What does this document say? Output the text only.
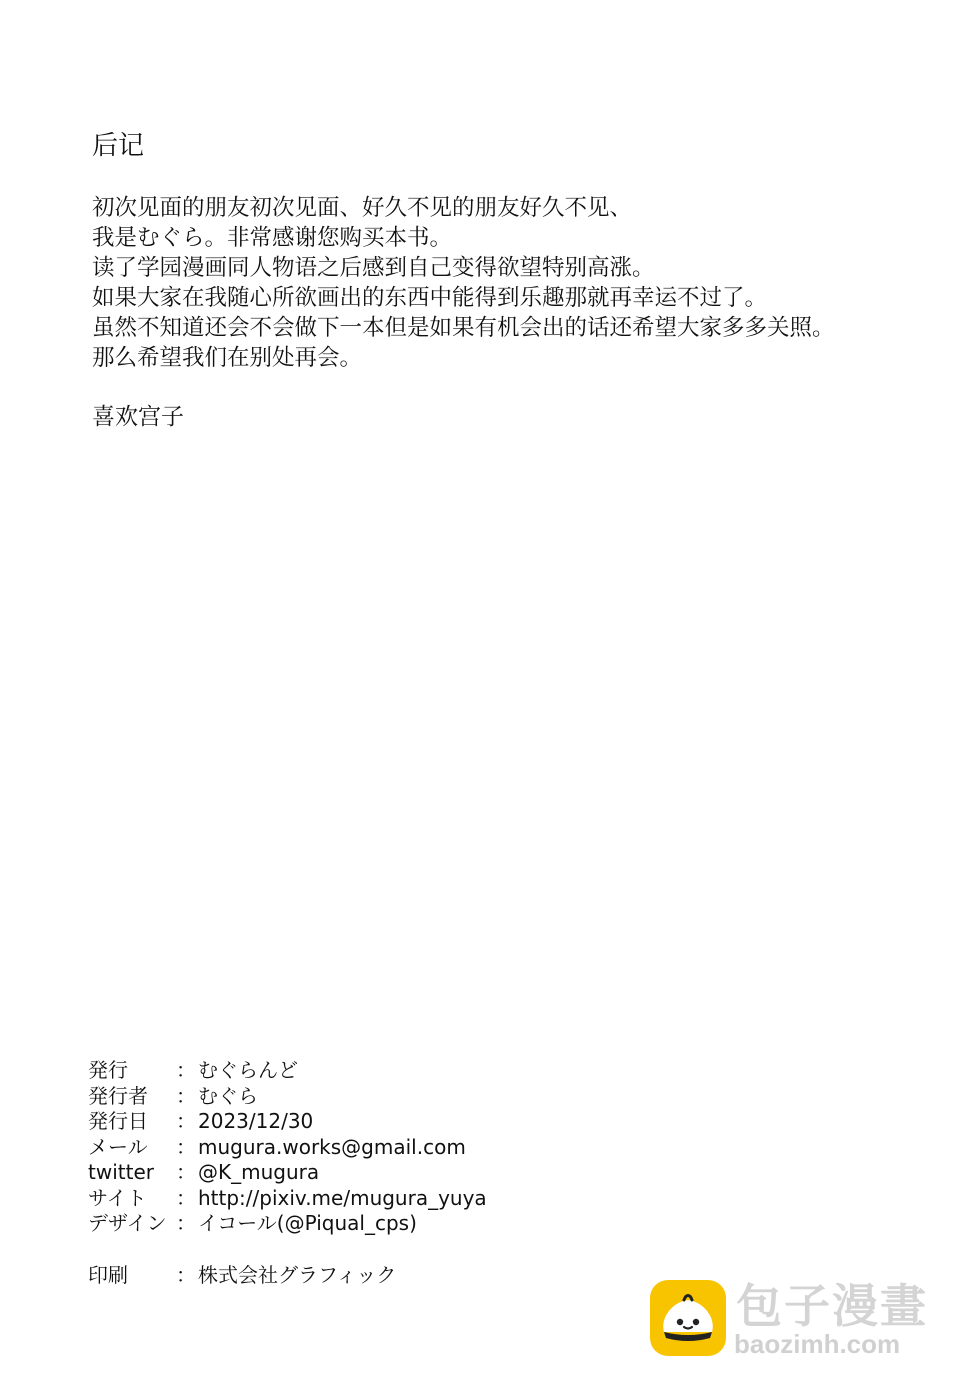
后记
初次见面的朋友初次见面、好久不见的朋友好久不见、
我是むぐら。非常感谢您购买本书。
读了学园漫画同人物语之后感到自己变得欲望特别高涨。
如果大家在我随心所欲画出的东西中能得到乐趣那就再幸运不过了。
虽然不知道还会不会做下一本但是如果有机会出的话还希望大家多多关照。
那么希望我们在别处再会。
喜欢宫子
発行	： むぐらんど
発行者	： むぐら
発行日	： 2023/12/30
メール	： mugura.works@gmail.com
twitter	： @K_mugura
サイト	： http://pixiv.me/mugura_yuya
デザイン ： イコール(@Piqual_cps)
印刷	： 株式会社グラフィック
包子漫畫
baozimh.com
